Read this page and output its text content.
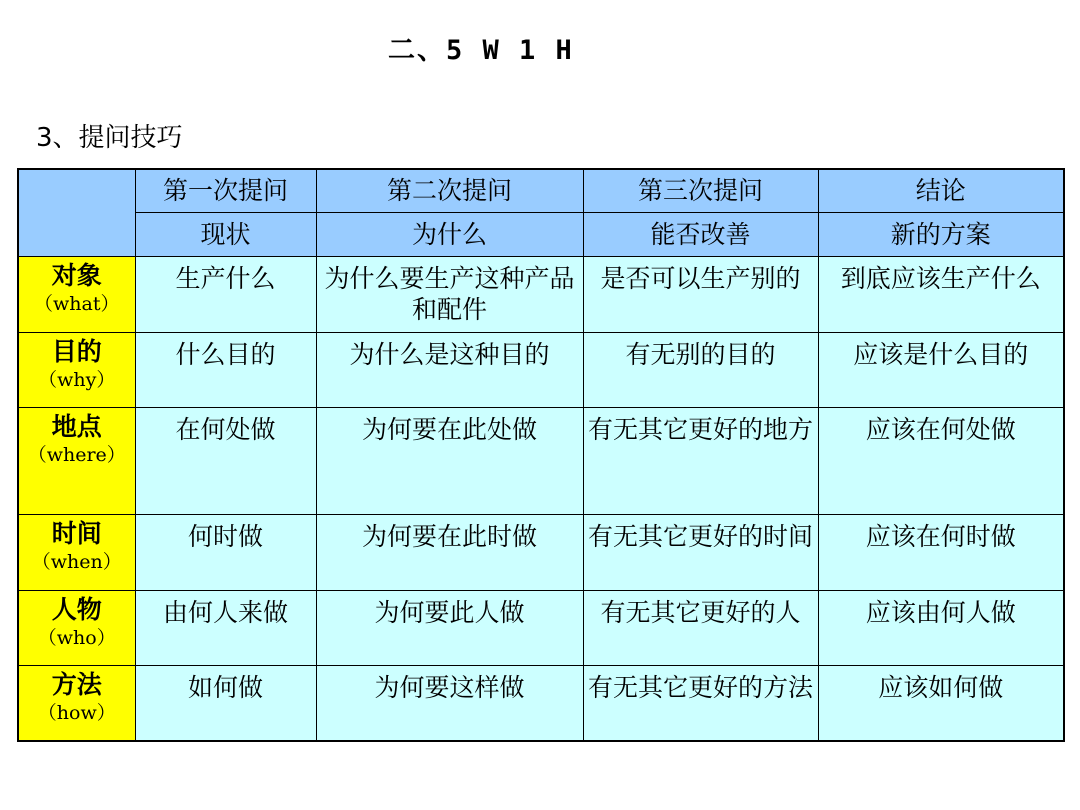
二、5 W 1 H
3、提问技巧
	第一次提问	第二次提问	第三次提问	结论
	现状	为什么	能否改善	新的方案

对象
（what）	生产什么	为什么要生产这种产品和配件	是否可以生产别的	到底应该生产什么

目的
（why）	什么目的	为什么是这种目的	有无别的目的	应该是什么目的

地点
（where）	在何处做	为何要在此处做	有无其它更好的地方	应该在何处做

时间
（when）	何时做	为何要在此时做	有无其它更好的时间	应该在何时做

人物
（who）	由何人来做	为何要此人做	有无其它更好的人	应该由何人做

方法
（how）	如何做	为何要这样做	有无其它更好的方法	应该如何做
